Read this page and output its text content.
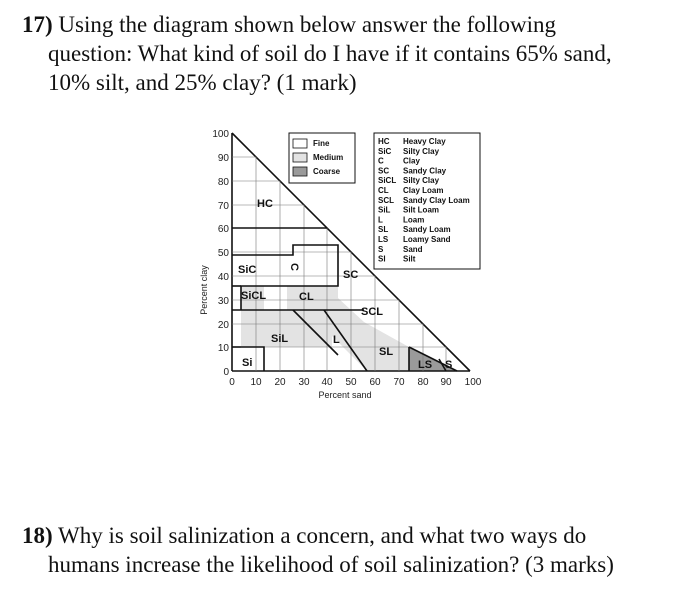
17) Using the diagram shown below answer the following
question: What kind of soil do I have if it contains 65% sand,
10% silt, and 25% clay? (1 mark)
0
10
20
30
40
50
60
70
80
90
100
0 10 20 30 40 50 60 70 80 90 100
Percent sand
Percent clay
HC
C
SiC	SC
SiCL	CL
SCL
SiL	L
SL
Si	LS S
Fine
Medium
Coarse
HC Heavy Clay
SiC Silty Clay
C Clay
SC Sandy Clay
SiCL Silty Clay
CL Clay Loam
SCL Sandy Clay Loam
SiL Silt Loam
L	Loam
SL Sandy Loam
LS Loamy Sand
S Sand
SI Silt
18) Why is soil salinization a concern, and what two ways do
humans increase the likelihood of soil salinization? (3 marks)
